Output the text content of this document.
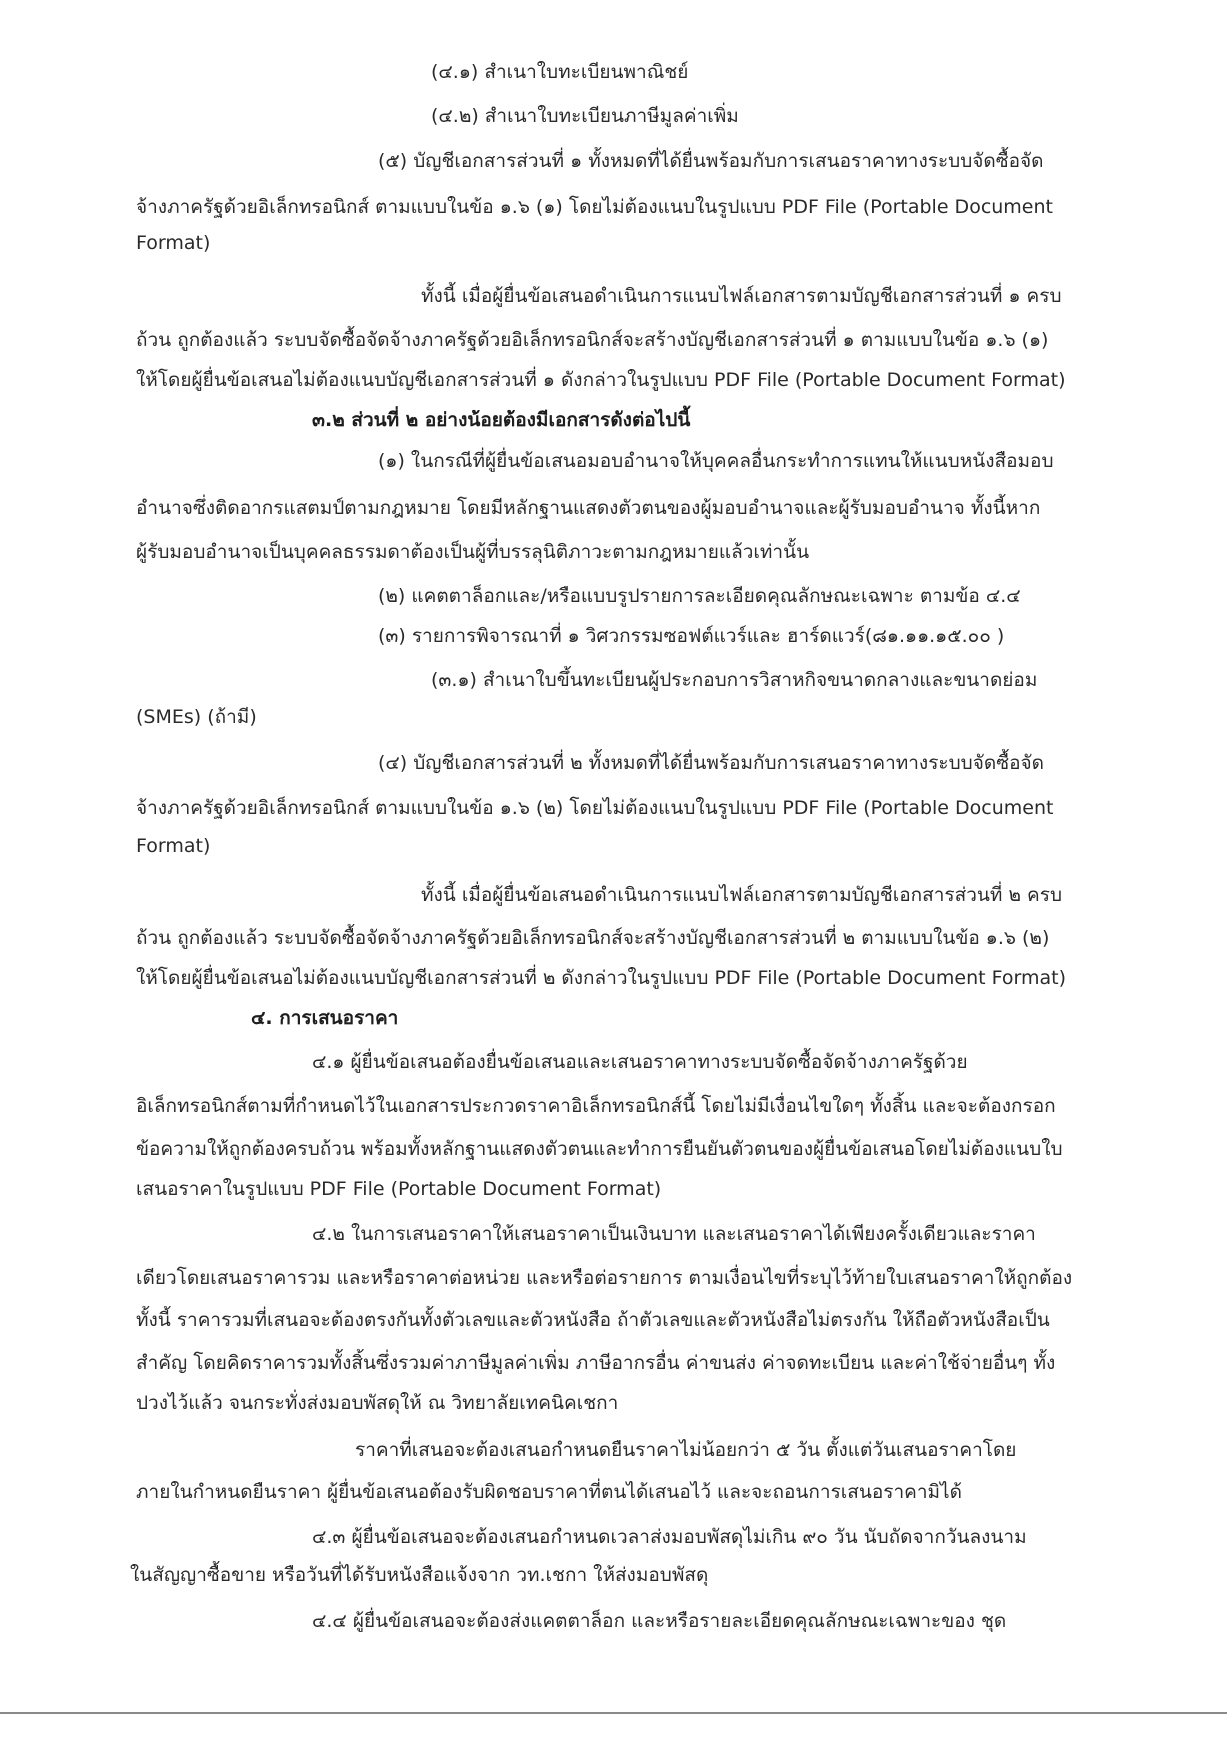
(๔.๑) สำเนาใบทะเบียนพาณิชย์

(๔.๒) สำเนาใบทะเบียนภาษีมูลค่าเพิ่ม

(๕) บัญชีเอกสารส่วนที่ ๑ ทั้งหมดที่ได้ยื่นพร้อมกับการเสนอราคาทางระบบจัดซื้อจัด

จ้างภาครัฐด้วยอิเล็กทรอนิกส์ ตามแบบในข้อ ๑.๖ (๑) โดยไม่ต้องแนบในรูปแบบ PDF File (Portable Document

Format)

ทั้งนี้ เมื่อผู้ยื่นข้อเสนอดำเนินการแนบไฟล์เอกสารตามบัญชีเอกสารส่วนที่ ๑ ครบ

ถ้วน ถูกต้องแล้ว ระบบจัดซื้อจัดจ้างภาครัฐด้วยอิเล็กทรอนิกส์จะสร้างบัญชีเอกสารส่วนที่ ๑ ตามแบบในข้อ ๑.๖ (๑)

ให้โดยผู้ยื่นข้อเสนอไม่ต้องแนบบัญชีเอกสารส่วนที่ ๑ ดังกล่าวในรูปแบบ PDF File (Portable Document Format)

๓.๒ ส่วนที่ ๒ อย่างน้อยต้องมีเอกสารดังต่อไปนี้

(๑) ในกรณีที่ผู้ยื่นข้อเสนอมอบอำนาจให้บุคคลอื่นกระทำการแทนให้แนบหนังสือมอบ

อำนาจซึ่งติดอากรแสตมป์ตามกฎหมาย โดยมีหลักฐานแสดงตัวตนของผู้มอบอำนาจและผู้รับมอบอำนาจ ทั้งนี้หาก

ผู้รับมอบอำนาจเป็นบุคคลธรรมดาต้องเป็นผู้ที่บรรลุนิติภาวะตามกฎหมายแล้วเท่านั้น

(๒) แคตตาล็อกและ/หรือแบบรูปรายการละเอียดคุณลักษณะเฉพาะ ตามข้อ ๔.๔

(๓) รายการพิจารณาที่ ๑ วิศวกรรมซอฟต์แวร์และ ฮาร์ดแวร์(๘๑.๑๑.๑๕.๐๐ )

(๓.๑) สำเนาใบขึ้นทะเบียนผู้ประกอบการวิสาหกิจขนาดกลางและขนาดย่อม

(SMEs) (ถ้ามี)

(๔) บัญชีเอกสารส่วนที่ ๒ ทั้งหมดที่ได้ยื่นพร้อมกับการเสนอราคาทางระบบจัดซื้อจัด

จ้างภาครัฐด้วยอิเล็กทรอนิกส์ ตามแบบในข้อ ๑.๖ (๒) โดยไม่ต้องแนบในรูปแบบ PDF File (Portable Document

Format)

ทั้งนี้ เมื่อผู้ยื่นข้อเสนอดำเนินการแนบไฟล์เอกสารตามบัญชีเอกสารส่วนที่ ๒ ครบ

ถ้วน ถูกต้องแล้ว ระบบจัดซื้อจัดจ้างภาครัฐด้วยอิเล็กทรอนิกส์จะสร้างบัญชีเอกสารส่วนที่ ๒ ตามแบบในข้อ ๑.๖ (๒)

ให้โดยผู้ยื่นข้อเสนอไม่ต้องแนบบัญชีเอกสารส่วนที่ ๒ ดังกล่าวในรูปแบบ PDF File (Portable Document Format)

๔. การเสนอราคา

๔.๑ ผู้ยื่นข้อเสนอต้องยื่นข้อเสนอและเสนอราคาทางระบบจัดซื้อจัดจ้างภาครัฐด้วย

อิเล็กทรอนิกส์ตามที่กำหนดไว้ในเอกสารประกวดราคาอิเล็กทรอนิกส์นี้ โดยไม่มีเงื่อนไขใดๆ ทั้งสิ้น และจะต้องกรอก

ข้อความให้ถูกต้องครบถ้วน พร้อมทั้งหลักฐานแสดงตัวตนและทำการยืนยันตัวตนของผู้ยื่นข้อเสนอโดยไม่ต้องแนบใบ

เสนอราคาในรูปแบบ PDF File (Portable Document Format)

๔.๒ ในการเสนอราคาให้เสนอราคาเป็นเงินบาท และเสนอราคาได้เพียงครั้งเดียวและราคา

เดียวโดยเสนอราคารวม และหรือราคาต่อหน่วย และหรือต่อรายการ ตามเงื่อนไขที่ระบุไว้ท้ายใบเสนอราคาให้ถูกต้อง

ทั้งนี้ ราคารวมที่เสนอจะต้องตรงกันทั้งตัวเลขและตัวหนังสือ ถ้าตัวเลขและตัวหนังสือไม่ตรงกัน ให้ถือตัวหนังสือเป็น

สำคัญ โดยคิดราคารวมทั้งสิ้นซึ่งรวมค่าภาษีมูลค่าเพิ่ม ภาษีอากรอื่น ค่าขนส่ง ค่าจดทะเบียน และค่าใช้จ่ายอื่นๆ ทั้ง

ปวงไว้แล้ว จนกระทั่งส่งมอบพัสดุให้ ณ วิทยาลัยเทคนิคเชกา

ราคาที่เสนอจะต้องเสนอกำหนดยืนราคาไม่น้อยกว่า ๕ วัน ตั้งแต่วันเสนอราคาโดย

ภายในกำหนดยืนราคา ผู้ยื่นข้อเสนอต้องรับผิดชอบราคาที่ตนได้เสนอไว้ และจะถอนการเสนอราคามิได้

๔.๓ ผู้ยื่นข้อเสนอจะต้องเสนอกำหนดเวลาส่งมอบพัสดุไม่เกิน ๙๐ วัน นับถัดจากวันลงนาม

ในสัญญาซื้อขาย หรือวันที่ได้รับหนังสือแจ้งจาก วท.เชกา ให้ส่งมอบพัสดุ

๔.๔ ผู้ยื่นข้อเสนอจะต้องส่งแคตตาล็อก และหรือรายละเอียดคุณลักษณะเฉพาะของ ชุด
